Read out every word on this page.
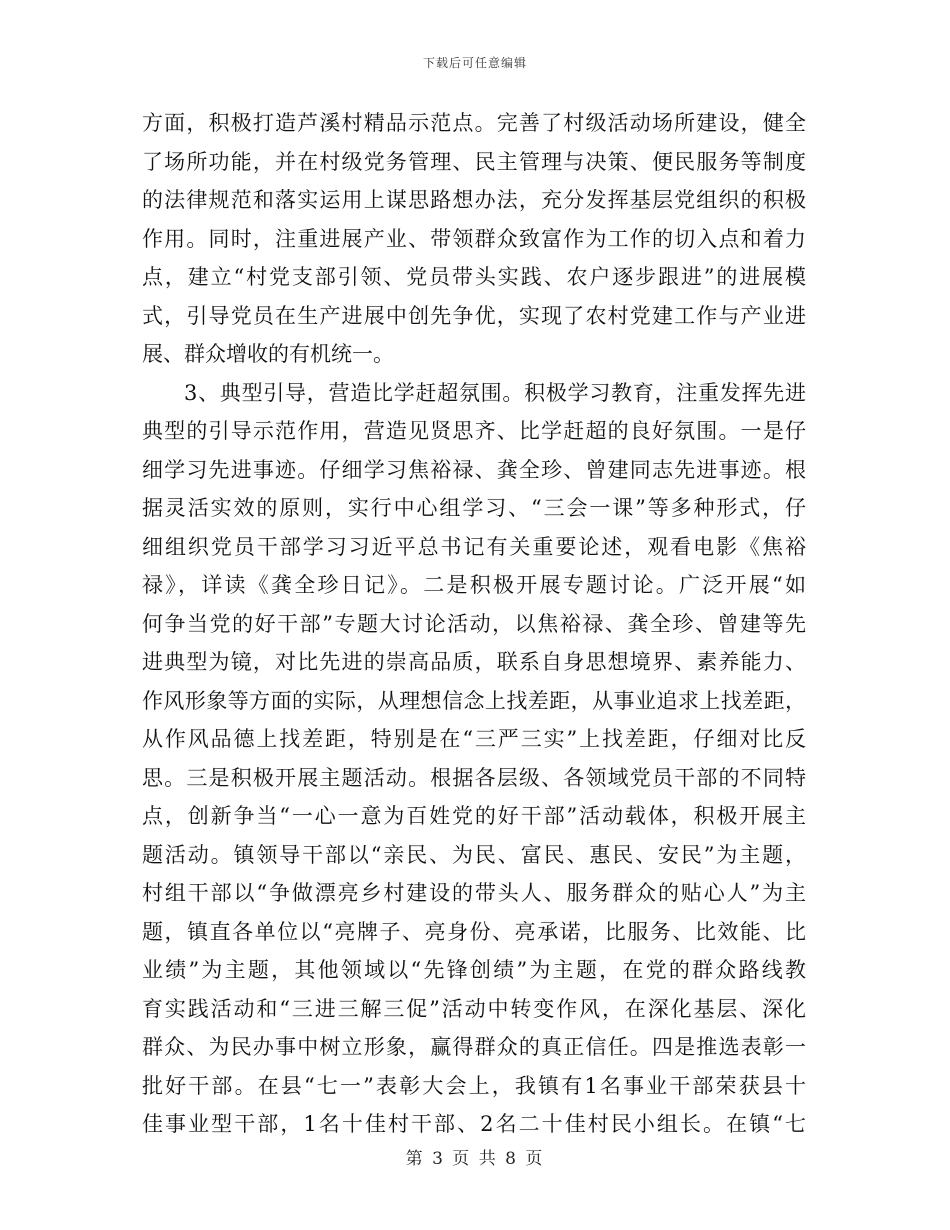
下载后可任意编辑
方面，积极打造芦溪村精品示范点。完善了村级活动场所建设，健全
了场所功能，并在村级党务管理、民主管理与决策、便民服务等制度
的法律规范和落实运用上谋思路想办法，充分发挥基层党组织的积极
作用。同时，注重进展产业、带领群众致富作为工作的切入点和着力
点，建立“村党支部引领、党员带头实践、农户逐步跟进”的进展模
式，引导党员在生产进展中创先争优，实现了农村党建工作与产业进
展、群众增收的有机统一。
3、典型引导，营造比学赶超氛围。积极学习教育，注重发挥先进
典型的引导示范作用，营造见贤思齐、比学赶超的良好氛围。一是仔
细学习先进事迹。仔细学习焦裕禄、龚全珍、曾建同志先进事迹。根
据灵活实效的原则，实行中心组学习、“三会一课”等多种形式，仔
细组织党员干部学习习近平总书记有关重要论述，观看电影《焦裕
禄》，详读《龚全珍日记》。二是积极开展专题讨论。广泛开展“如
何争当党的好干部”专题大讨论活动，以焦裕禄、龚全珍、曾建等先
进典型为镜，对比先进的崇高品质，联系自身思想境界、素养能力、
作风形象等方面的实际，从理想信念上找差距，从事业追求上找差距，
从作风品德上找差距，特别是在“三严三实”上找差距，仔细对比反
思。三是积极开展主题活动。根据各层级、各领域党员干部的不同特
点，创新争当“一心一意为百姓党的好干部”活动载体，积极开展主
题活动。镇领导干部以“亲民、为民、富民、惠民、安民”为主题，
村组干部以“争做漂亮乡村建设的带头人、服务群众的贴心人”为主
题，镇直各单位以“亮牌子、亮身份、亮承诺，比服务、比效能、比
业绩”为主题，其他领域以“先锋创绩”为主题，在党的群众路线教
育实践活动和“三进三解三促”活动中转变作风，在深化基层、深化
群众、为民办事中树立形象，赢得群众的真正信任。四是推选表彰一
批好干部。在县“七一”表彰大会上，我镇有1名事业干部荣获县十
佳事业型干部，1名十佳村干部、2名二十佳村民小组长。在镇“七
第 3 页 共 8 页
